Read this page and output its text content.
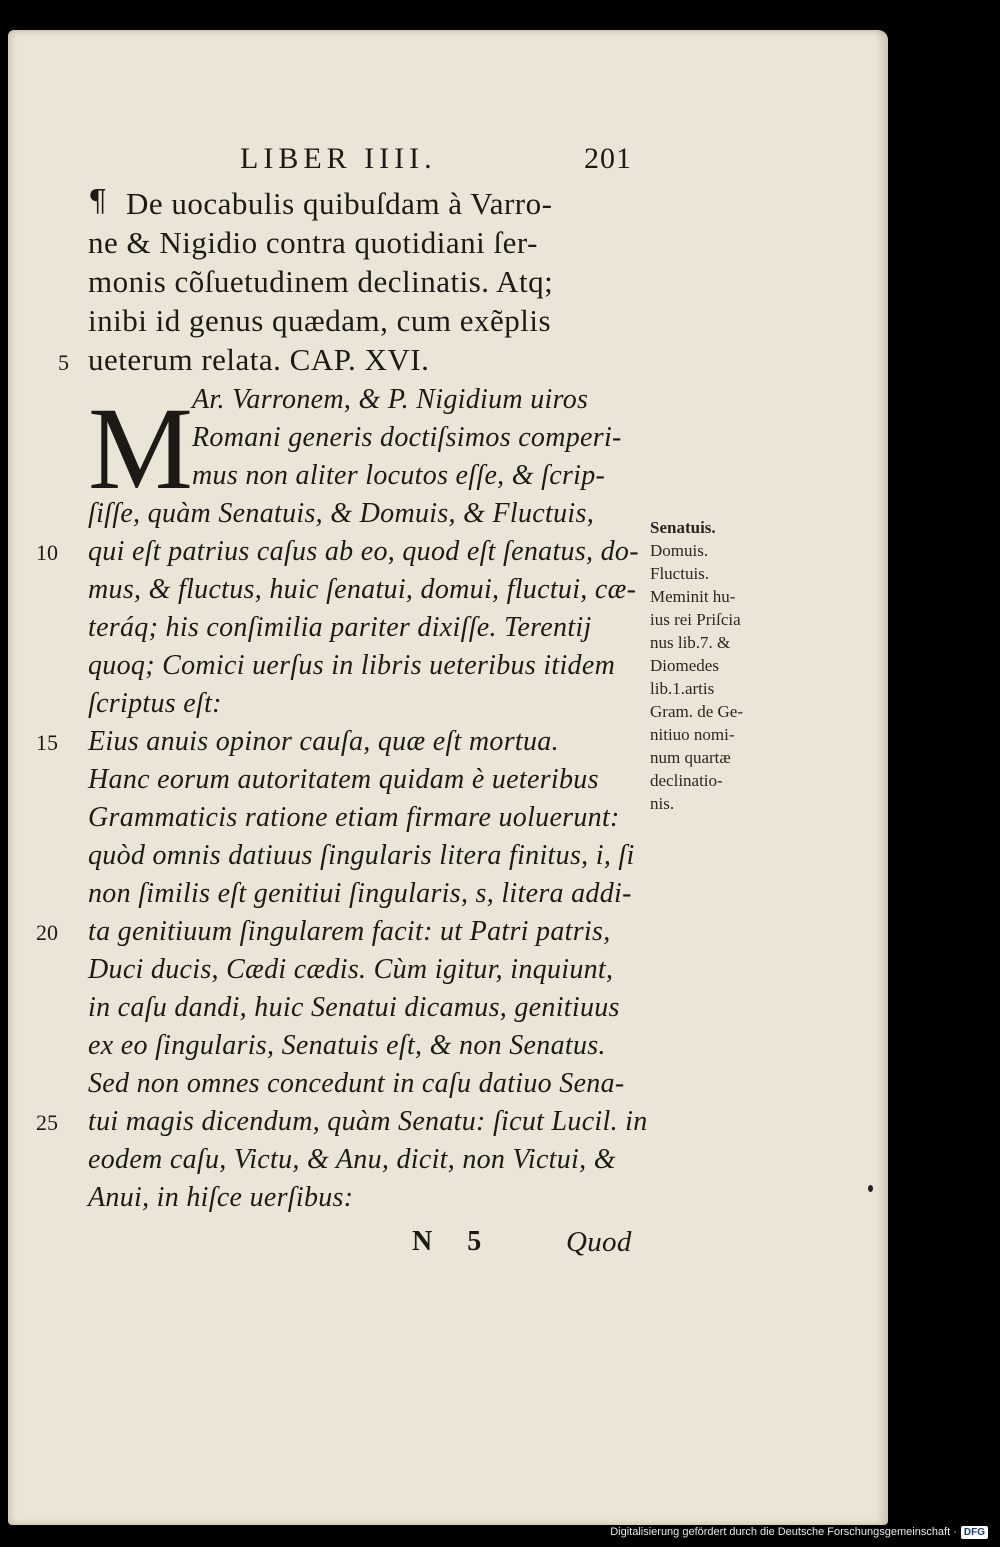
LIBER IIII.	201
¶ De uocabulis quibuſdam à Varro-
ne & Nigidio contra quotidiani ſer-
monis cõſuetudinem declinatis. Atq;
inibi id genus quædam, cum exẽplis
ueterum relata. CAP. XVI.
M Ar. Varronem, & P. Nigidium uiros
Romani generis doctiſsimos comperi-
mus non aliter locutos eſſe, & ſcrip-
ſiſſe, quàm Senatuis, & Domuis, & Fluctuis,
qui eſt patrius caſus ab eo, quod eſt ſenatus, do-
mus, & fluctus, huic ſenatui, domui, fluctui, cæ-
teráq; his conſimilia pariter dixiſſe. Terentij
quoq; Comici uerſus in libris ueteribus itidem
ſcriptus eſt:
Eius anuis opinor cauſa, quæ eſt mortua.
Hanc eorum autoritatem quidam è ueteribus
Grammaticis ratione etiam firmare uoluerunt:
quòd omnis datiuus ſingularis litera finitus, i, ſi
non ſimilis eſt genitiui ſingularis, s, litera addi-
ta genitiuum ſingularem facit: ut Patri patris,
Duci ducis, Cædi cædis. Cùm igitur, inquiunt,
in caſu dandi, huic Senatui dicamus, genitiuus
ex eo ſingularis, Senatuis eſt, & non Senatus.
Sed non omnes concedunt in caſu datiuo Sena-
tui magis dicendum, quàm Senatu: ſicut Lucil. in
eodem caſu, Victu, & Anu, dicit, non Victui, &
Anui, in hiſce uerſibus:
5
10
15
20
25
Senatuis.
Domuis.
Fluctuis.
Meminit hu-
ius rei Priſcia
nus lib.7. &
Diomedes
lib.1.artis
Gram. de Ge-
nitiuo nomi-
num quartæ
declinatio-
nis.
N 5 Quod
Digitalisierung gefördert durch die Deutsche Forschungsgemeinschaft · DFG
